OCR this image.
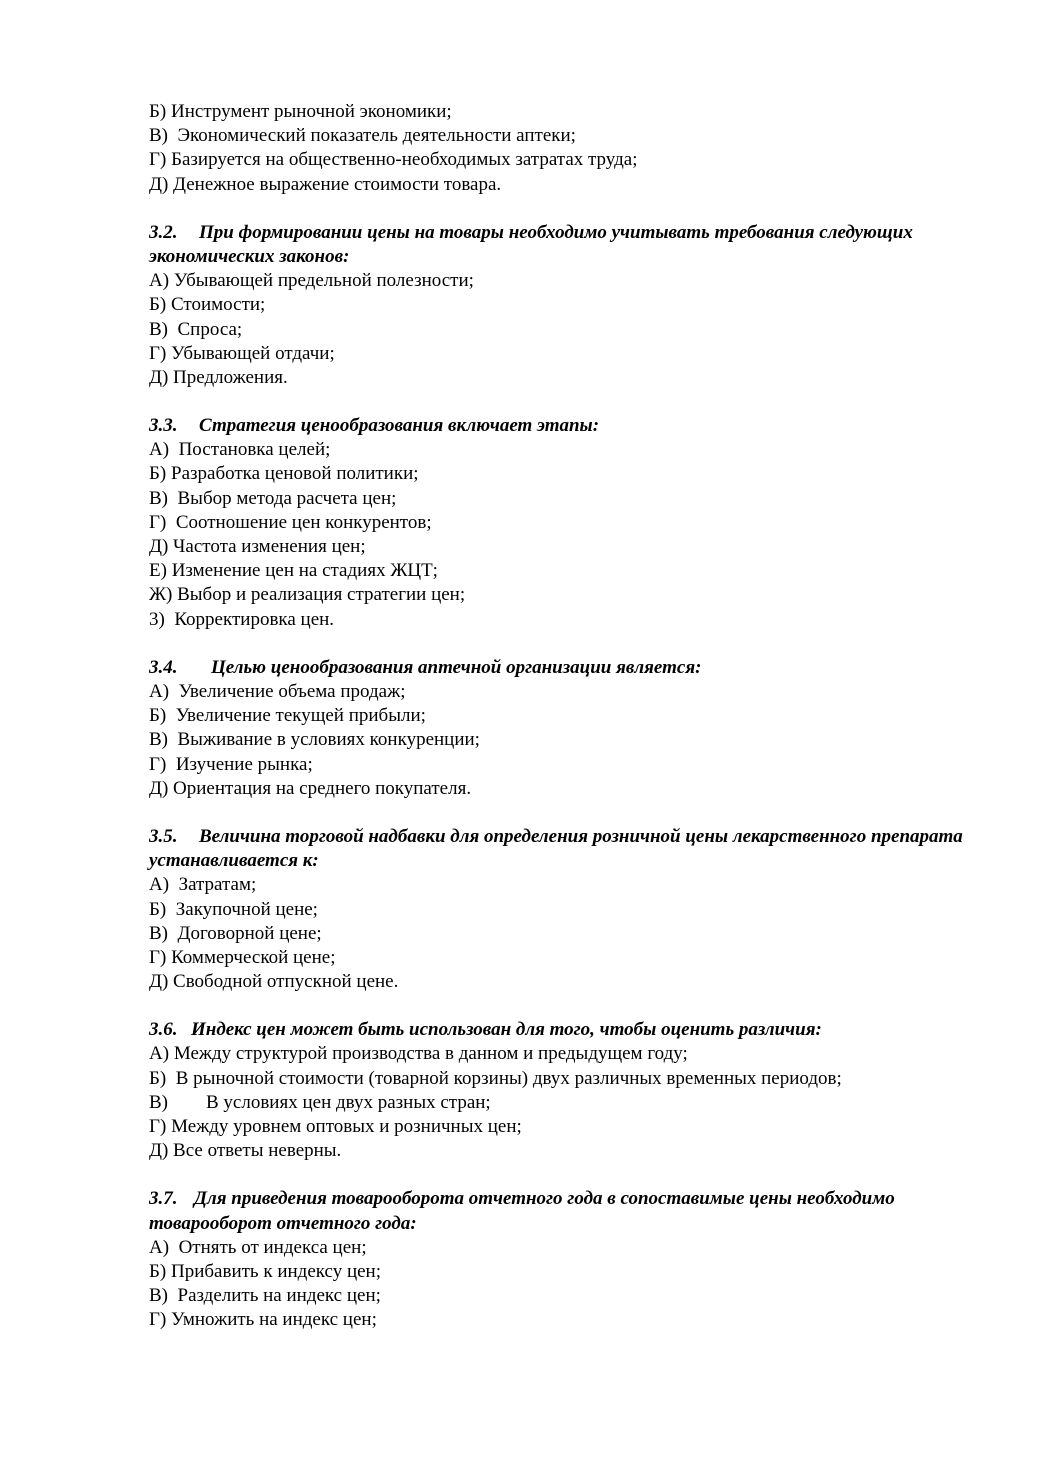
Б) Инструмент рыночной экономики;
В)  Экономический показатель деятельности аптеки;
Г) Базируется на общественно-необходимых затратах труда;
Д) Денежное выражение стоимости товара.
3.2. При формировании цены на товары необходимо учитывать требования следующих экономических законов:
А) Убывающей предельной полезности;
Б) Стоимости;
В)  Спроса;
Г) Убывающей отдачи;
Д) Предложения.
3.3. Стратегия ценообразования включает этапы:
А)  Постановка целей;
Б) Разработка ценовой политики;
В)  Выбор метода расчета цен;
Г)  Соотношение цен конкурентов;
Д) Частота изменения цен;
Е) Изменение цен на стадиях ЖЦТ;
Ж) Выбор и реализация стратегии цен;
3)  Корректировка цен.
3.4. Целью ценообразования аптечной организации является:
А)  Увеличение объема продаж;
Б)  Увеличение текущей прибыли;
В)  Выживание в условиях конкуренции;
Г)  Изучение рынка;
Д) Ориентация на среднего покупателя.
3.5. Величина торговой надбавки для определения розничной цены лекарственного препарата устанавливается к:
А)  Затратам;
Б)  Закупочной цене;
В)  Договорной цене;
Г) Коммерческой цене;
Д) Свободной отпускной цене.
3.6. Индекс цен может быть использован для того, чтобы оценить различия:
А) Между структурой производства в данном и предыдущем году;
Б)  В рыночной стоимости (товарной корзины) двух различных временных периодов;
В)        В условиях цен двух разных стран;
Г) Между уровнем оптовых и розничных цен;
Д) Все ответы неверны.
3.7. Для приведения товарооборота отчетного года в сопоставимые цены необходимо товарооборот отчетного года:
А)  Отнять от индекса цен;
Б) Прибавить к индексу цен;
В)  Разделить на индекс цен;
Г) Умножить на индекс цен;
